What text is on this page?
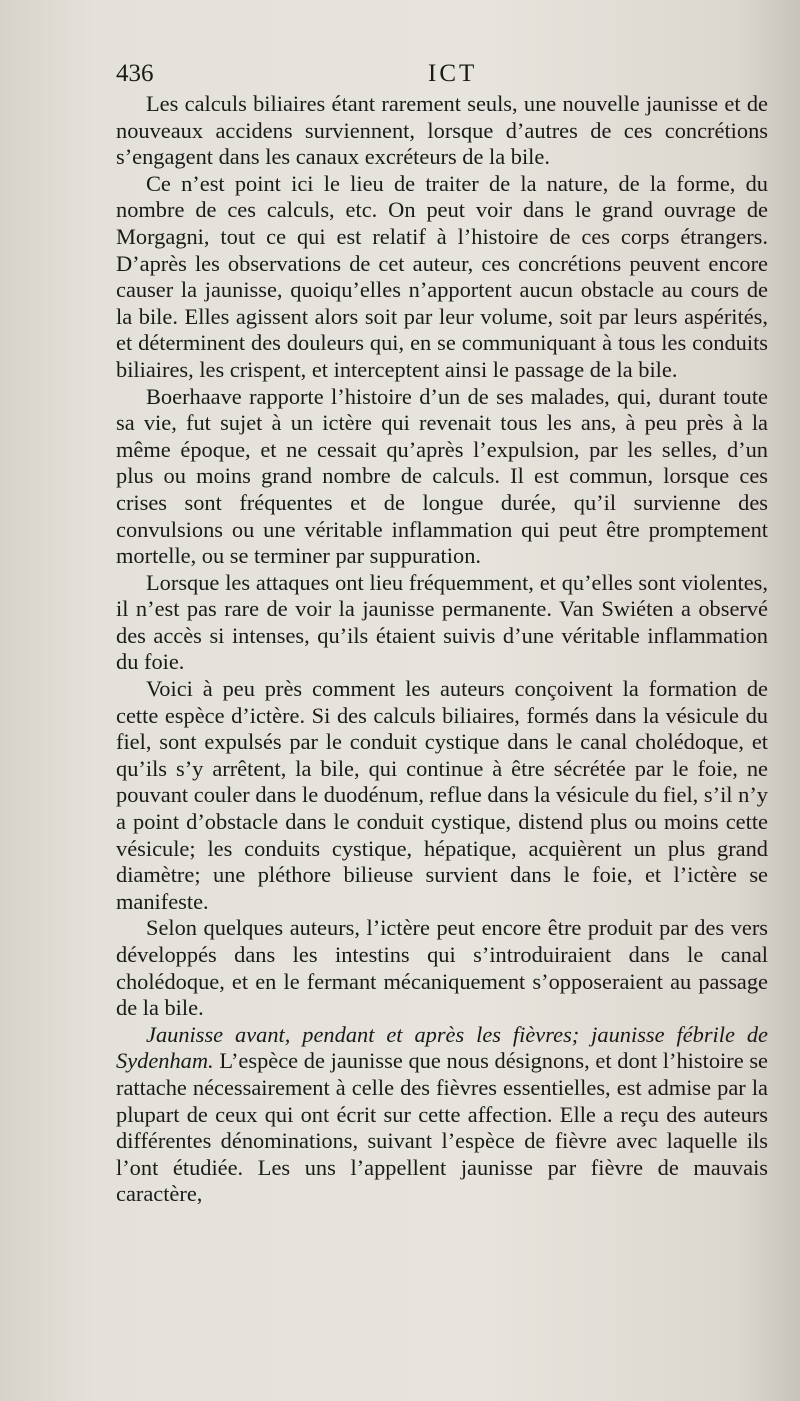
436	ICT

Les calculs biliaires étant rarement seuls, une nouvelle jaunisse et de nouveaux accidens surviennent, lorsque d’autres de ces concrétions s’engagent dans les canaux excréteurs de la bile.

Ce n’est point ici le lieu de traiter de la nature, de la forme, du nombre de ces calculs, etc. On peut voir dans le grand ouvrage de Morgagni, tout ce qui est relatif à l’histoire de ces corps étrangers. D’après les observations de cet auteur, ces concrétions peuvent encore causer la jaunisse, quoiqu’elles n’apportent aucun obstacle au cours de la bile. Elles agissent alors soit par leur volume, soit par leurs aspérités, et déterminent des douleurs qui, en se communiquant à tous les conduits biliaires, les crispent, et interceptent ainsi le passage de la bile.

Boerhaave rapporte l’histoire d’un de ses malades, qui, durant toute sa vie, fut sujet à un ictère qui revenait tous les ans, à peu près à la même époque, et ne cessait qu’après l’expulsion, par les selles, d’un plus ou moins grand nombre de calculs. Il est commun, lorsque ces crises sont fréquentes et de longue durée, qu’il survienne des convulsions ou une véritable inflammation qui peut être promptement mortelle, ou se terminer par suppuration.

Lorsque les attaques ont lieu fréquemment, et qu’elles sont violentes, il n’est pas rare de voir la jaunisse permanente. Van Swiéten a observé des accès si intenses, qu’ils étaient suivis d’une véritable inflammation du foie.

Voici à peu près comment les auteurs conçoivent la formation de cette espèce d’ictère. Si des calculs biliaires, formés dans la vésicule du fiel, sont expulsés par le conduit cystique dans le canal cholédoque, et qu’ils s’y arrêtent, la bile, qui continue à être sécrétée par le foie, ne pouvant couler dans le duodénum, reflue dans la vésicule du fiel, s’il n’y a point d’obstacle dans le conduit cystique, distend plus ou moins cette vésicule; les conduits cystique, hépatique, acquièrent un plus grand diamètre; une pléthore bilieuse survient dans le foie, et l’ictère se manifeste.

Selon quelques auteurs, l’ictère peut encore être produit par des vers développés dans les intestins qui s’introduiraient dans le canal cholédoque, et en le fermant mécaniquement s’opposeraient au passage de la bile.

Jaunisse avant, pendant et après les fièvres; jaunisse fébrile de Sydenham. L’espèce de jaunisse que nous désignons, et dont l’histoire se rattache nécessairement à celle des fièvres essentielles, est admise par la plupart de ceux qui ont écrit sur cette affection. Elle a reçu des auteurs différentes dénominations, suivant l’espèce de fièvre avec laquelle ils l’ont étudiée. Les uns l’appellent jaunisse par fièvre de mauvais caractère,
